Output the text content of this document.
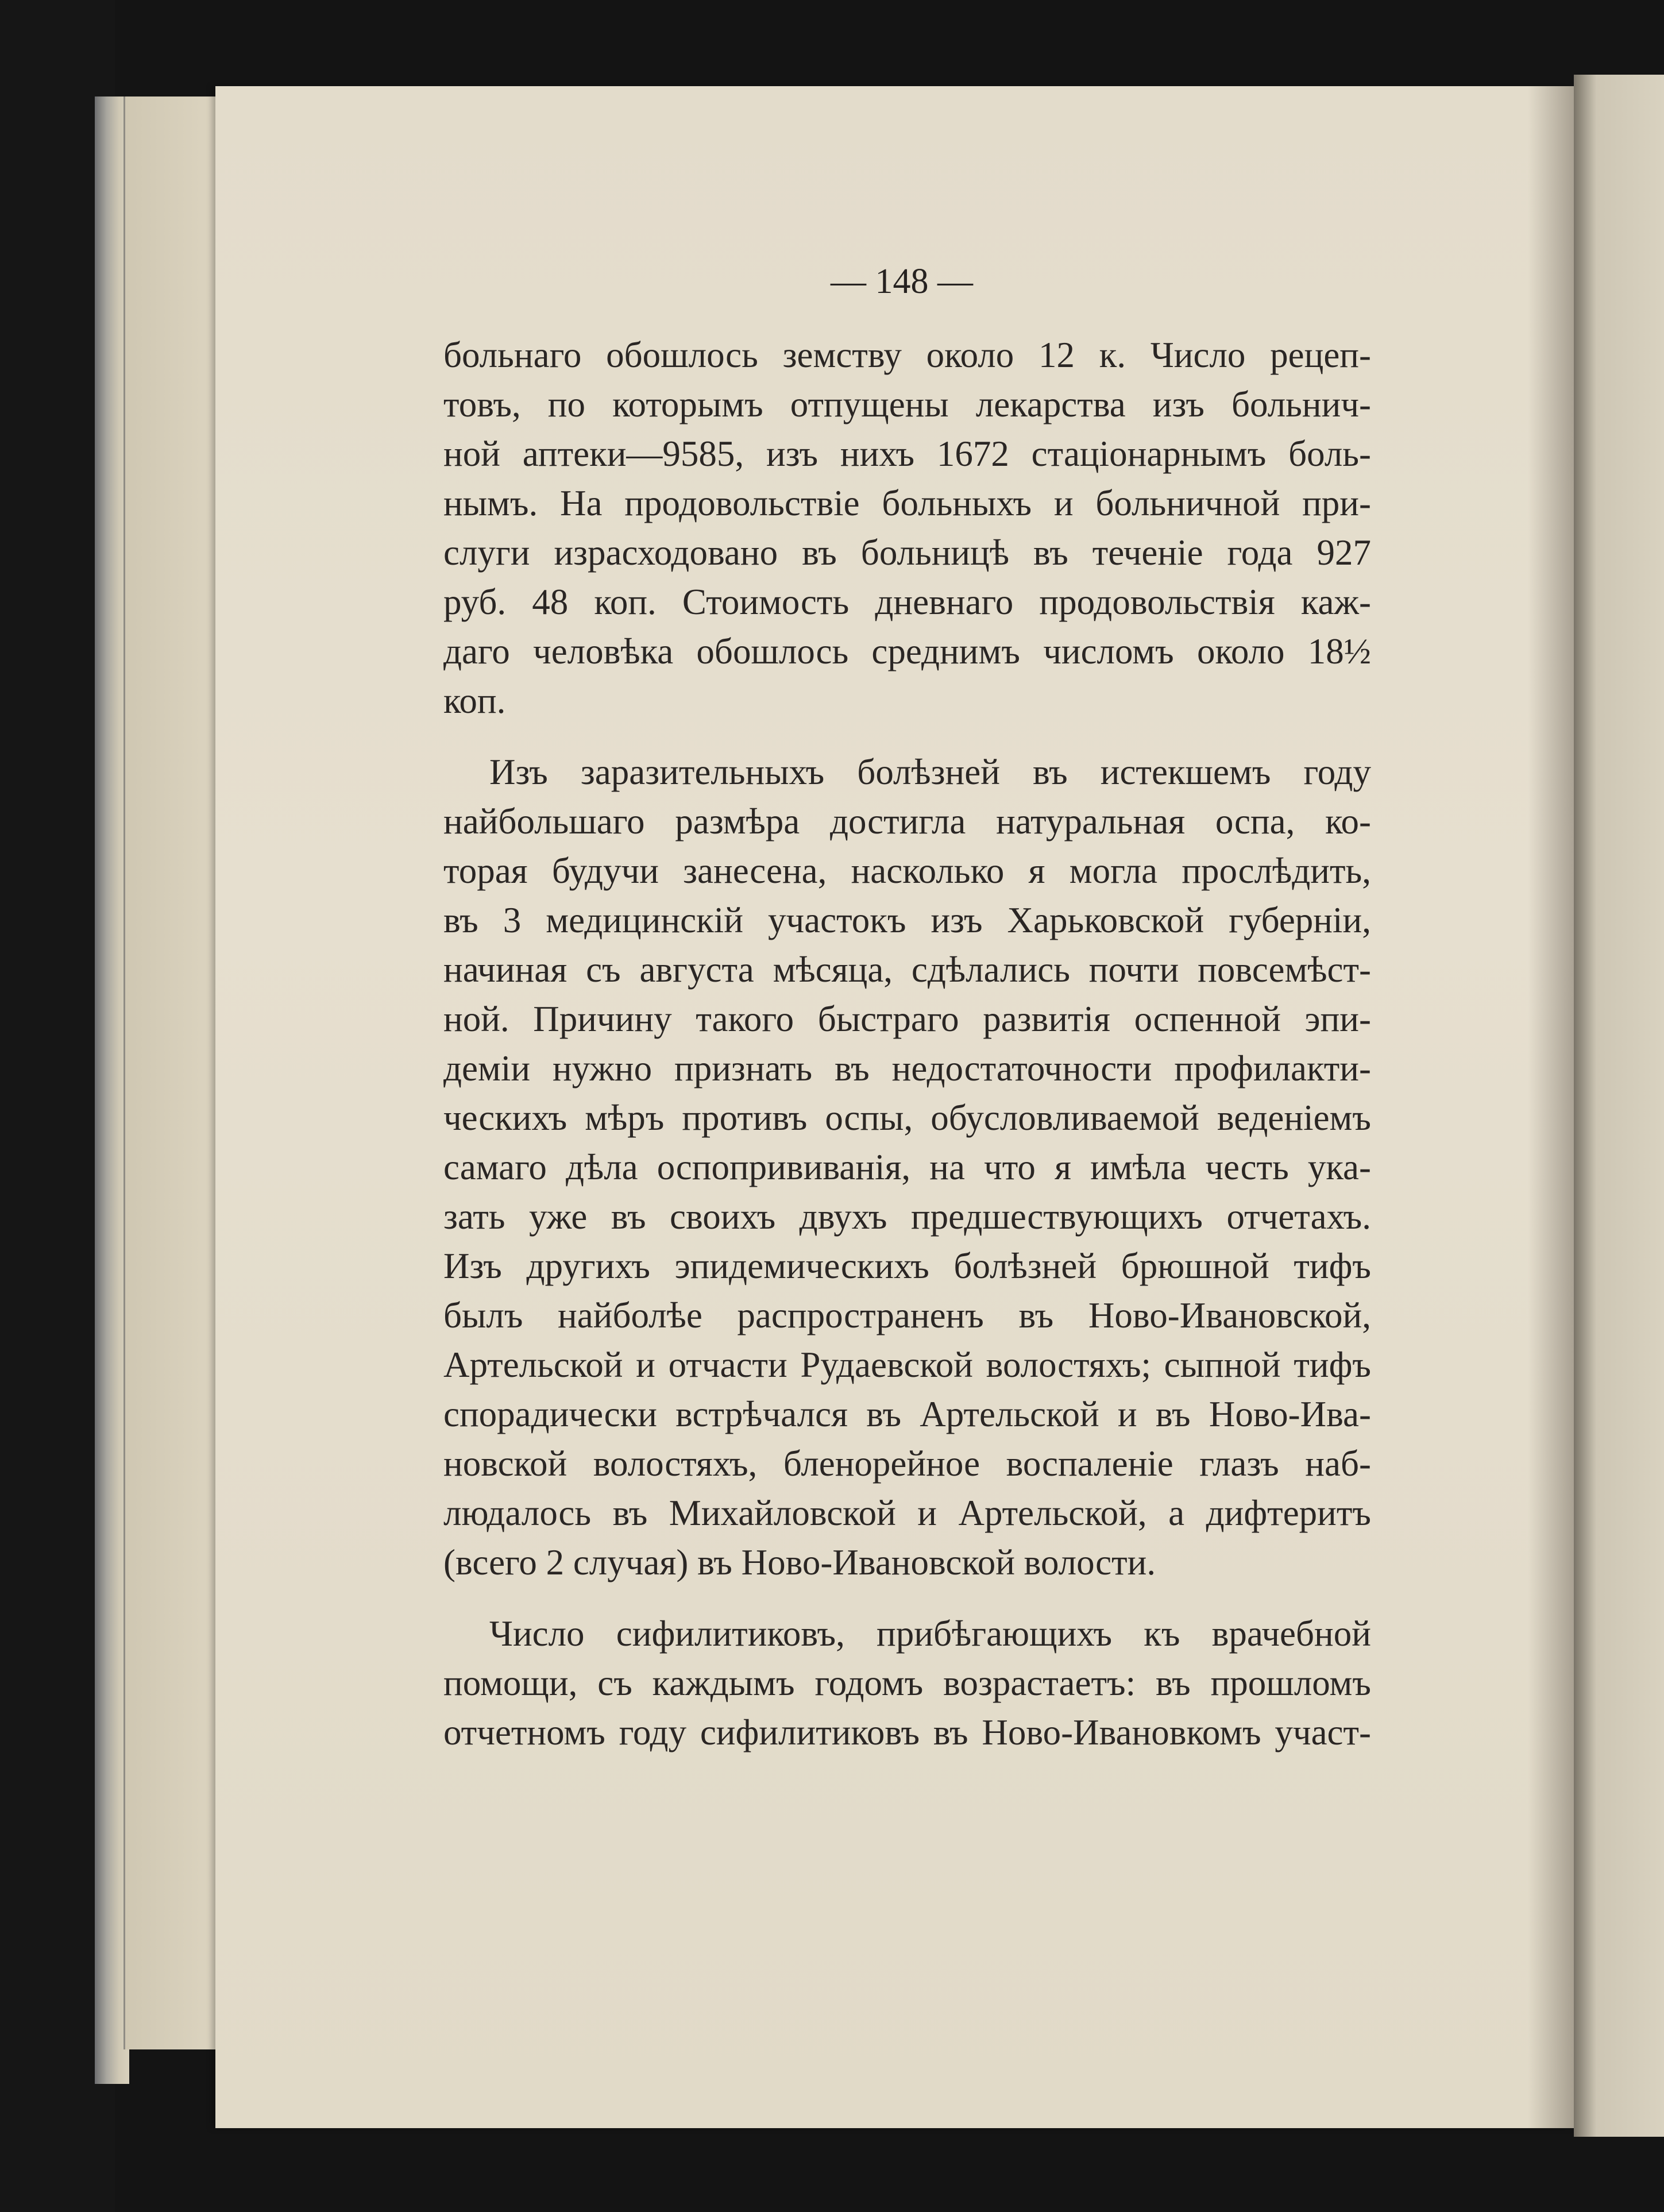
— 148 —
больнаго обошлось земству около 12 к. Число рецеп-
товъ, по которымъ отпущены лекарства изъ больнич-
ной аптеки—9585, изъ нихъ 1672 стаціонарнымъ боль-
нымъ. На продовольствіе больныхъ и больничной при-
слуги израсходовано въ больницѣ въ теченіе года 927
руб. 48 коп. Стоимость дневнаго продовольствія каж-
даго человѣка обошлось среднимъ числомъ около 18½
коп.
Изъ заразительныхъ болѣзней въ истекшемъ году
найбольшаго размѣра достигла натуральная оспа, ко-
торая будучи занесена, насколько я могла прослѣдить,
въ 3 медицинскій участокъ изъ Харьковской губерніи,
начиная съ августа мѣсяца, сдѣлались почти повсемѣст-
ной. Причину такого быстраго развитія оспенной эпи-
деміи нужно признать въ недостаточности профилакти-
ческихъ мѣръ противъ оспы, обусловливаемой веденіемъ
самаго дѣла оспопрививанія, на что я имѣла честь ука-
зать уже въ своихъ двухъ предшествующихъ отчетахъ.
Изъ другихъ эпидемическихъ болѣзней брюшной тифъ
былъ найболѣе распространенъ въ Ново-Ивановской,
Артельской и отчасти Рудаевской волостяхъ; сыпной тифъ
спорадически встрѣчался въ Артельской и въ Ново-Ива-
новской волостяхъ, бленорейное воспаленіе глазъ наб-
людалось въ Михайловской и Артельской, а дифтеритъ
(всего 2 случая) въ Ново-Ивановской волости.
Число сифилитиковъ, прибѣгающихъ къ врачебной
помощи, съ каждымъ годомъ возрастаетъ: въ прошломъ
отчетномъ году сифилитиковъ въ Ново-Ивановкомъ участ-
